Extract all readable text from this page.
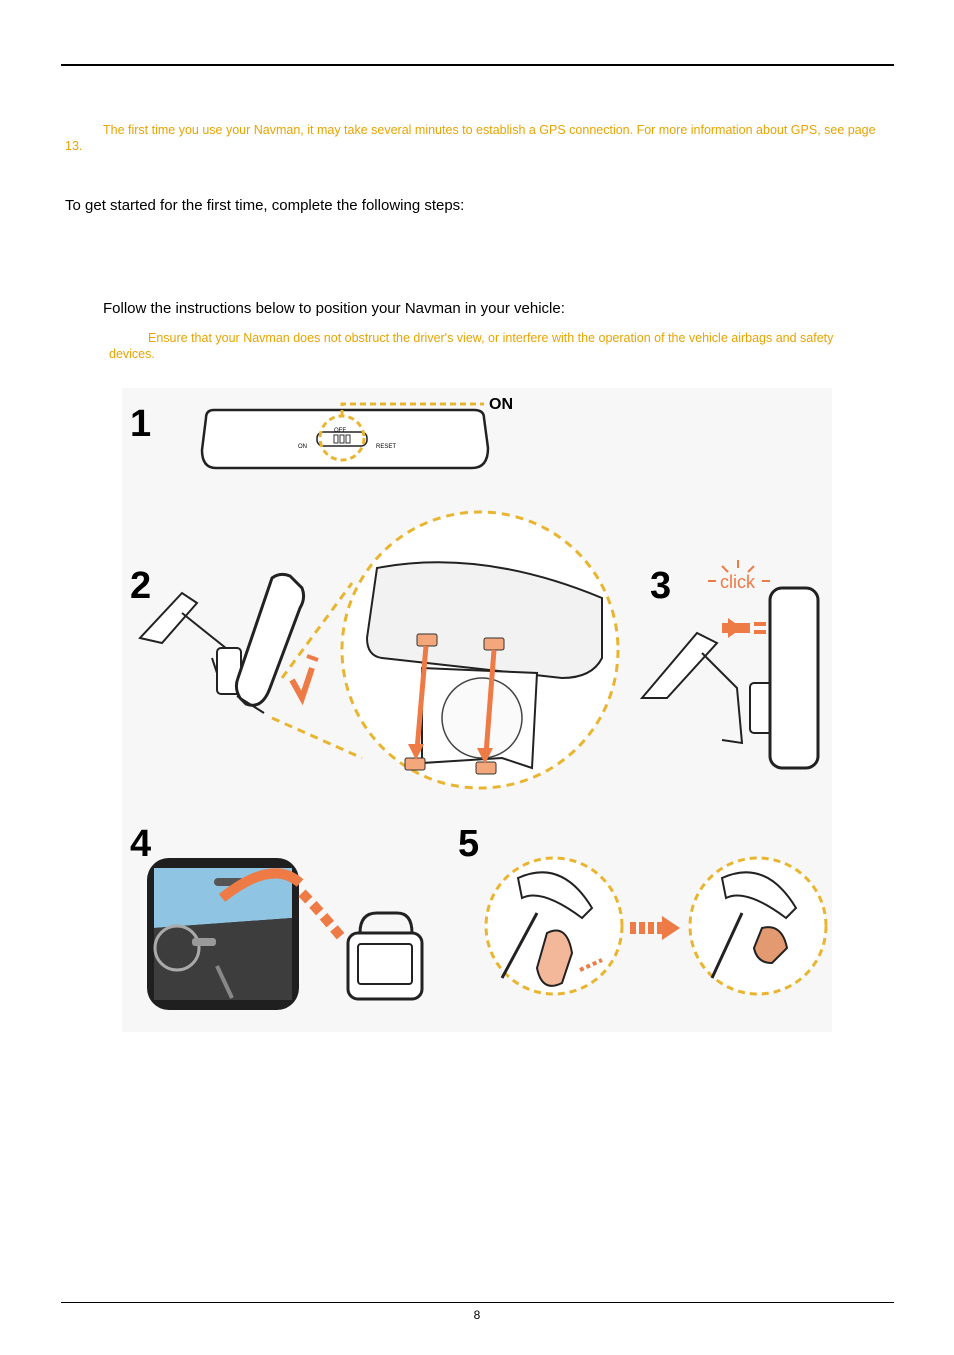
The first time you use your Navman, it may take several minutes to establish a GPS connection. For more information about GPS, see page 13.
To get started for the first time, complete the following steps:
Follow the instructions below to position your Navman in your vehicle:
Ensure that your Navman does not obstruct the driver's view, or interfere with the operation of the vehicle airbags and safety devices.
1	OFF
ON	RESET
ON
2	3	click
4	5
8
